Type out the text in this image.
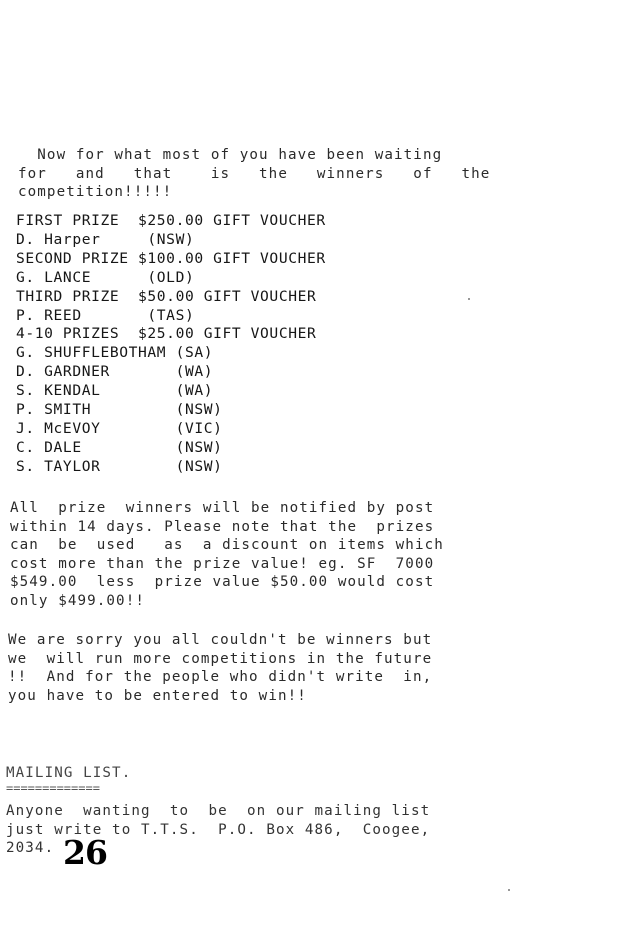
Now for what most of you have been waiting
for   and   that    is   the   winners   of   the
competition!!!!!
FIRST PRIZE  $250.00 GIFT VOUCHER
D. Harper     (NSW)
SECOND PRIZE $100.00 GIFT VOUCHER
G. LANCE      (OLD)
THIRD PRIZE  $50.00 GIFT VOUCHER
P. REED       (TAS)
4-10 PRIZES  $25.00 GIFT VOUCHER
G. SHUFFLEBOTHAM (SA)
D. GARDNER       (WA)
S. KENDAL        (WA)
P. SMITH         (NSW)
J. McEVOY        (VIC)
C. DALE          (NSW)
S. TAYLOR        (NSW)
All  prize  winners will be notified by post
within 14 days. Please note that the  prizes
can  be  used   as  a discount on items which
cost more than the prize value! eg. SF  7000
$549.00  less  prize value $50.00 would cost
only $499.00!!
We are sorry you all couldn't be winners but
we  will run more competitions in the future
!!  And for the people who didn't write  in,
you have to be entered to win!!
MAILING LIST.
=============
Anyone  wanting  to  be  on our mailing list
just write to T.T.S.  P.O. Box 486,  Coogee,
2034. 26
